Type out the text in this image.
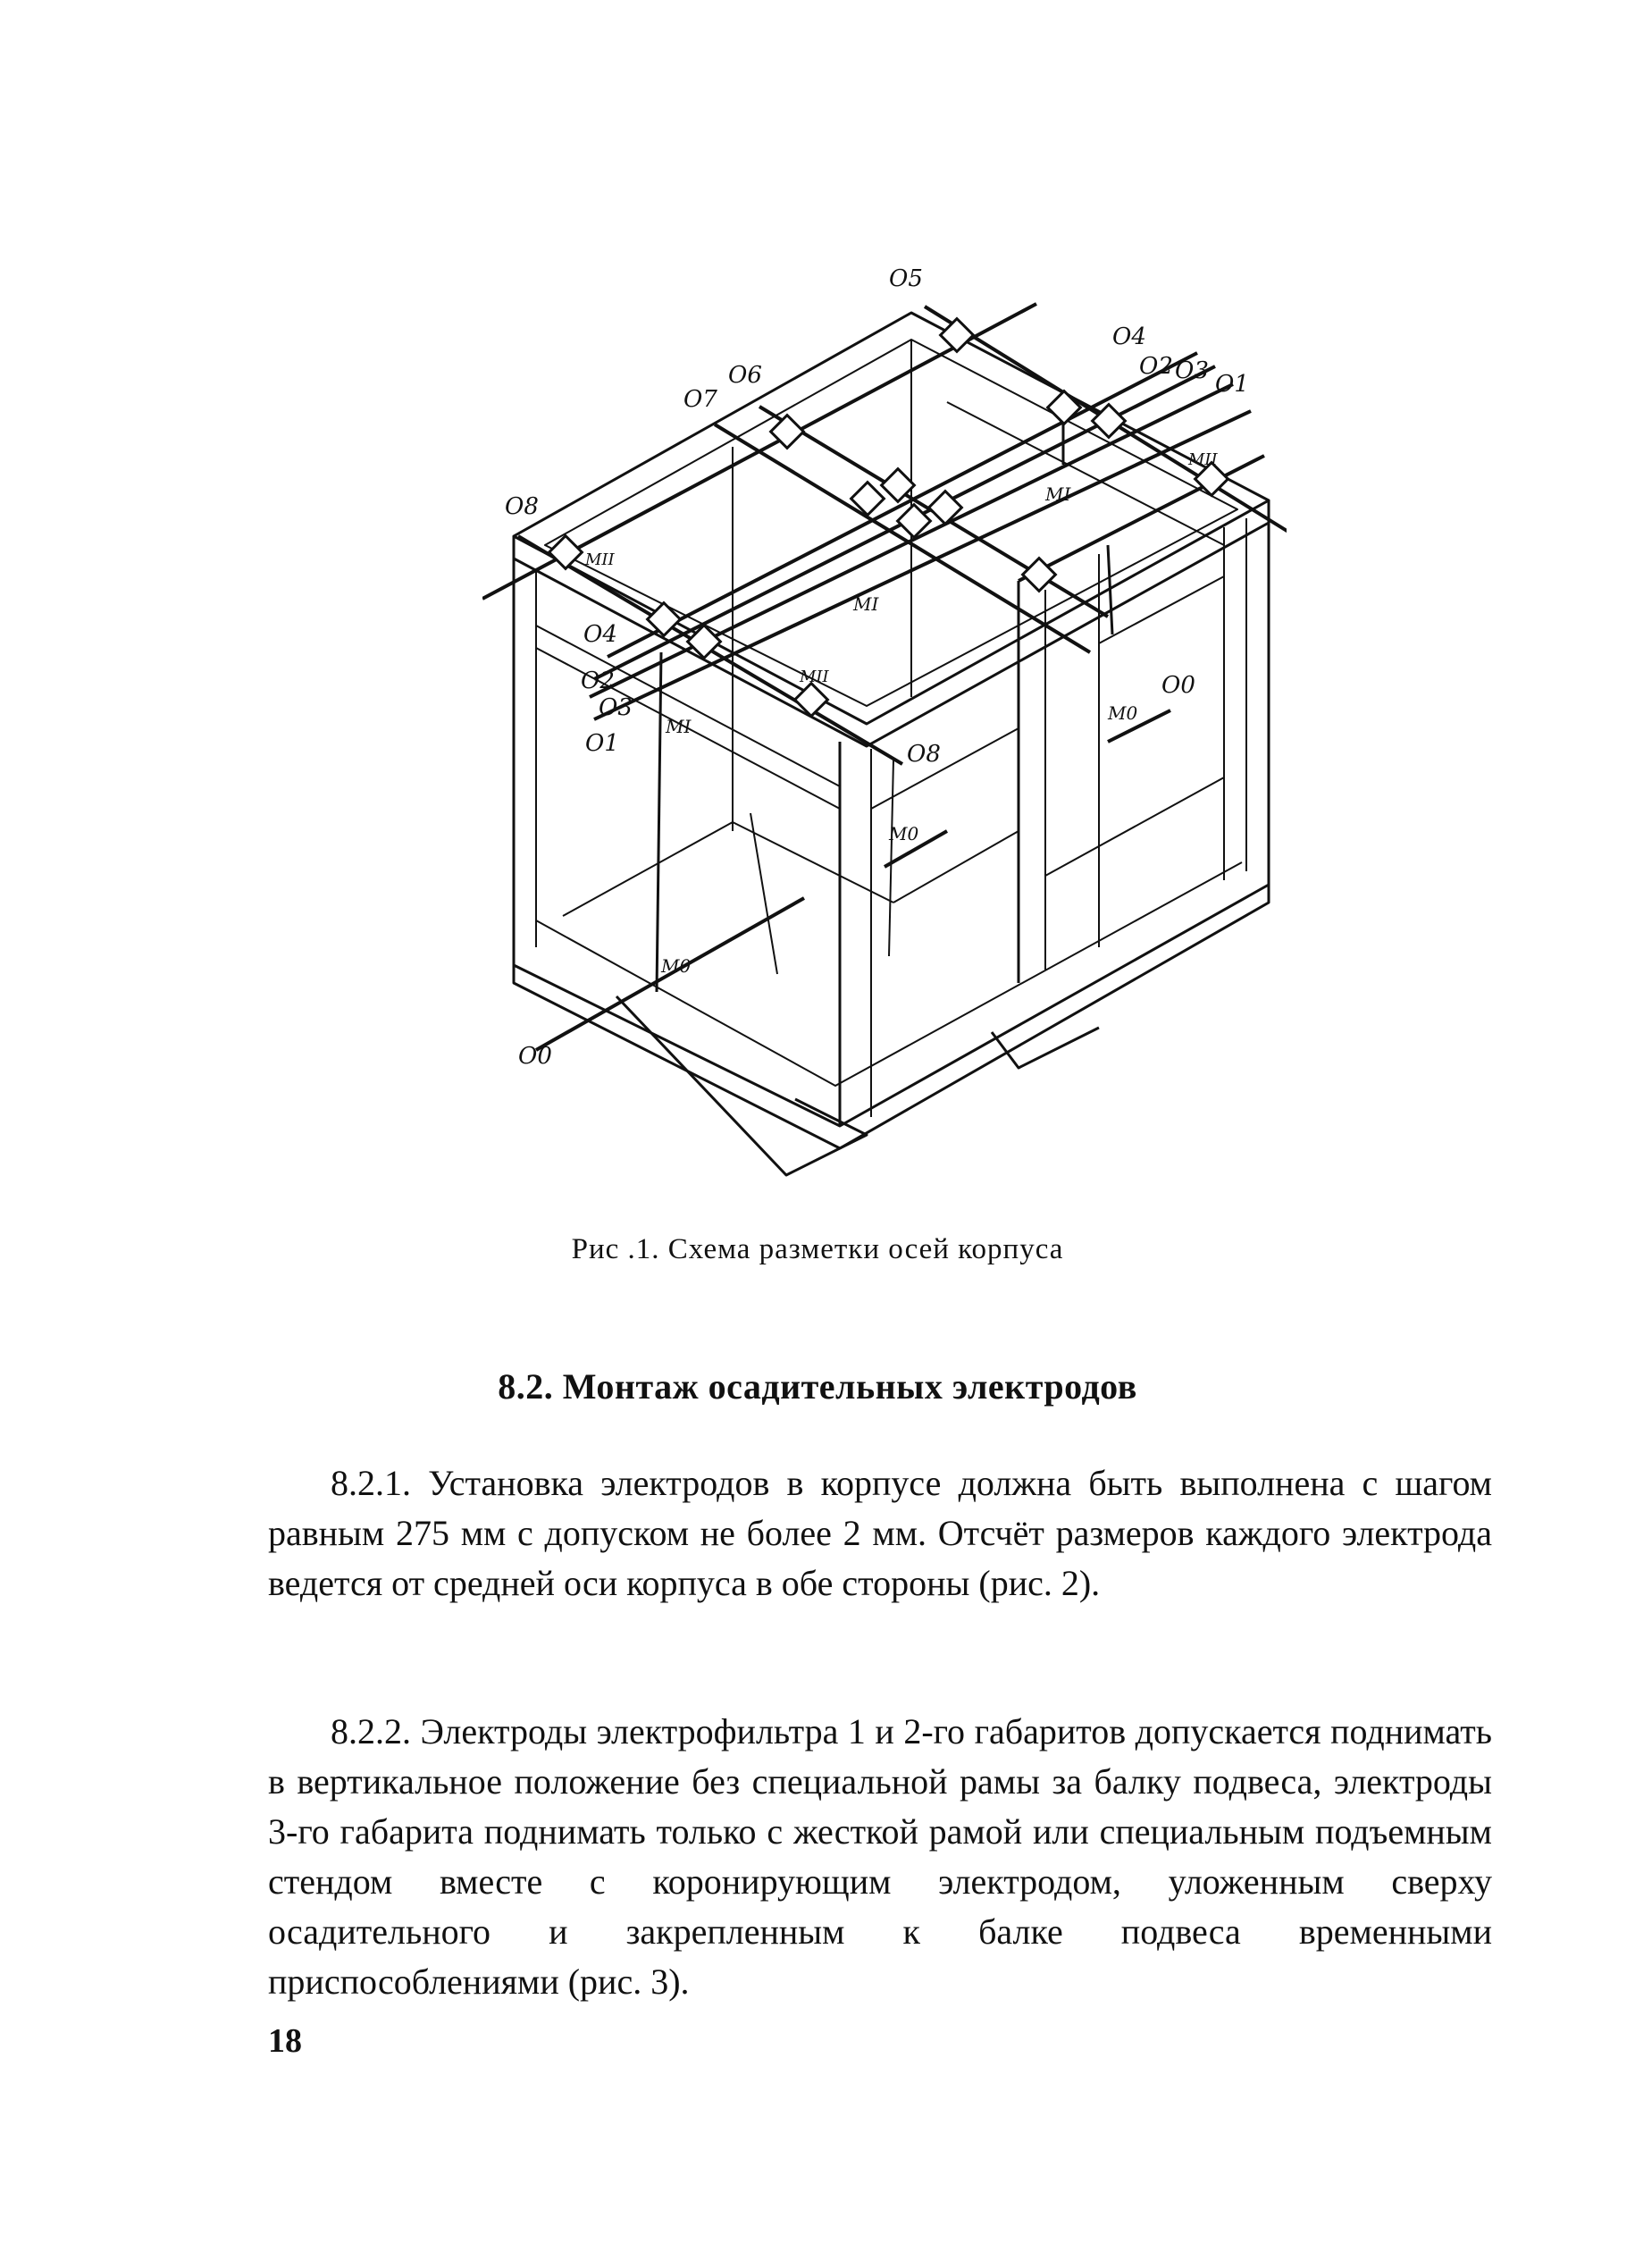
O5
O4
O2 O3 O1
O6
O7
O8
MII
MII
MII
MI
MI
MI
O4
O2
O3
O1	O8
O0
M0
M0
M0
O0
Рис .1. Схема разметки осей корпуса
8.2. Монтаж осадительных электродов

8.2.1. Установка электродов в корпусе должна быть выполнена с шагом равным 275 мм с допуском не более 2 мм. Отсчёт размеров каждого электрода ведется от средней оси корпуса в обе стороны (рис. 2).

8.2.2. Электроды электрофильтра 1 и 2-го габаритов допускается поднимать в вертикальное положение без специальной рамы за балку подвеса, электроды 3-го габарита поднимать только с жесткой рамой или специальным подъемным стендом вместе с коронирующим электродом, уложенным сверху осадительного и закрепленным к балке подвеса временными приспособлениями (рис. 3).

18
